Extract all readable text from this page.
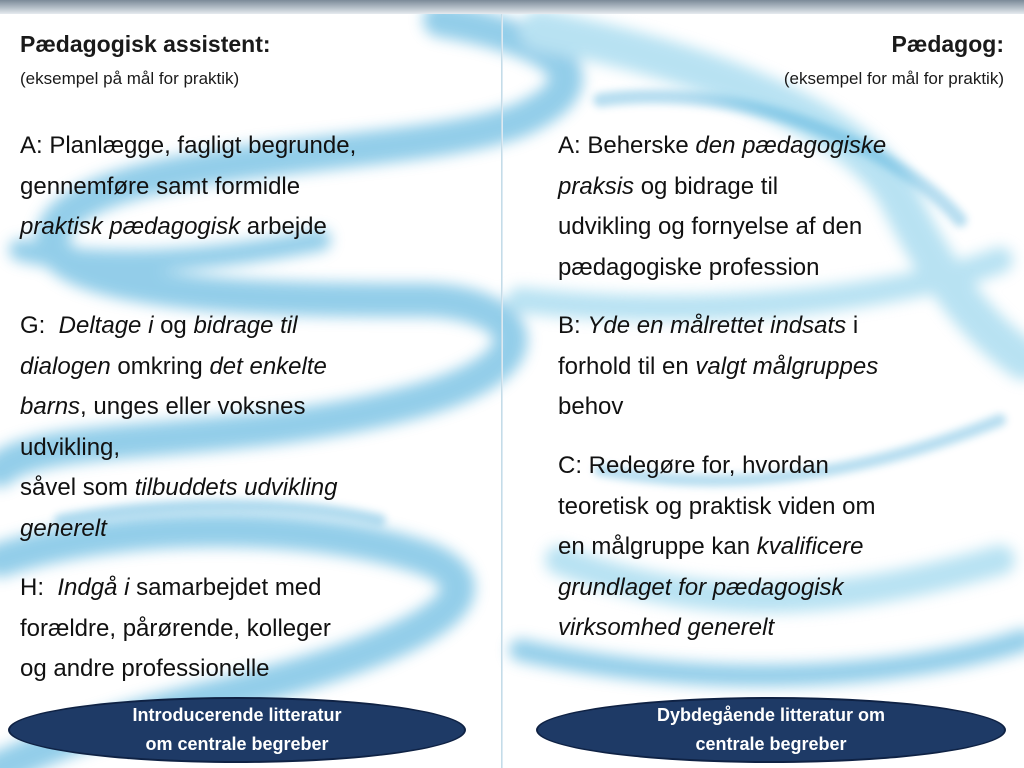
Pædagogisk assistent:
(eksempel på mål for praktik)
A: Planlægge, fagligt begrunde,
gennemføre samt formidle
praktisk pædagogisk arbejde
G:  Deltage i og bidrage til
dialogen omkring det enkelte
barns, unges eller voksnes
udvikling,
såvel som tilbuddets udvikling
generelt
H:  Indgå i samarbejdet med
forældre, pårørende, kolleger
og andre professionelle
Introducerende litteratur
om centrale begreber
Pædagog:
(eksempel for mål for praktik)
A: Beherske den pædagogiske
praksis og bidrage til
udvikling og fornyelse af den
pædagogiske profession
B: Yde en målrettet indsats i
forhold til en valgt målgruppes
behov
C: Redegøre for, hvordan
teoretisk og praktisk viden om
en målgruppe kan kvalificere
grundlaget for pædagogisk
virksomhed generelt
Dybdegående litteratur om
centrale begreber
